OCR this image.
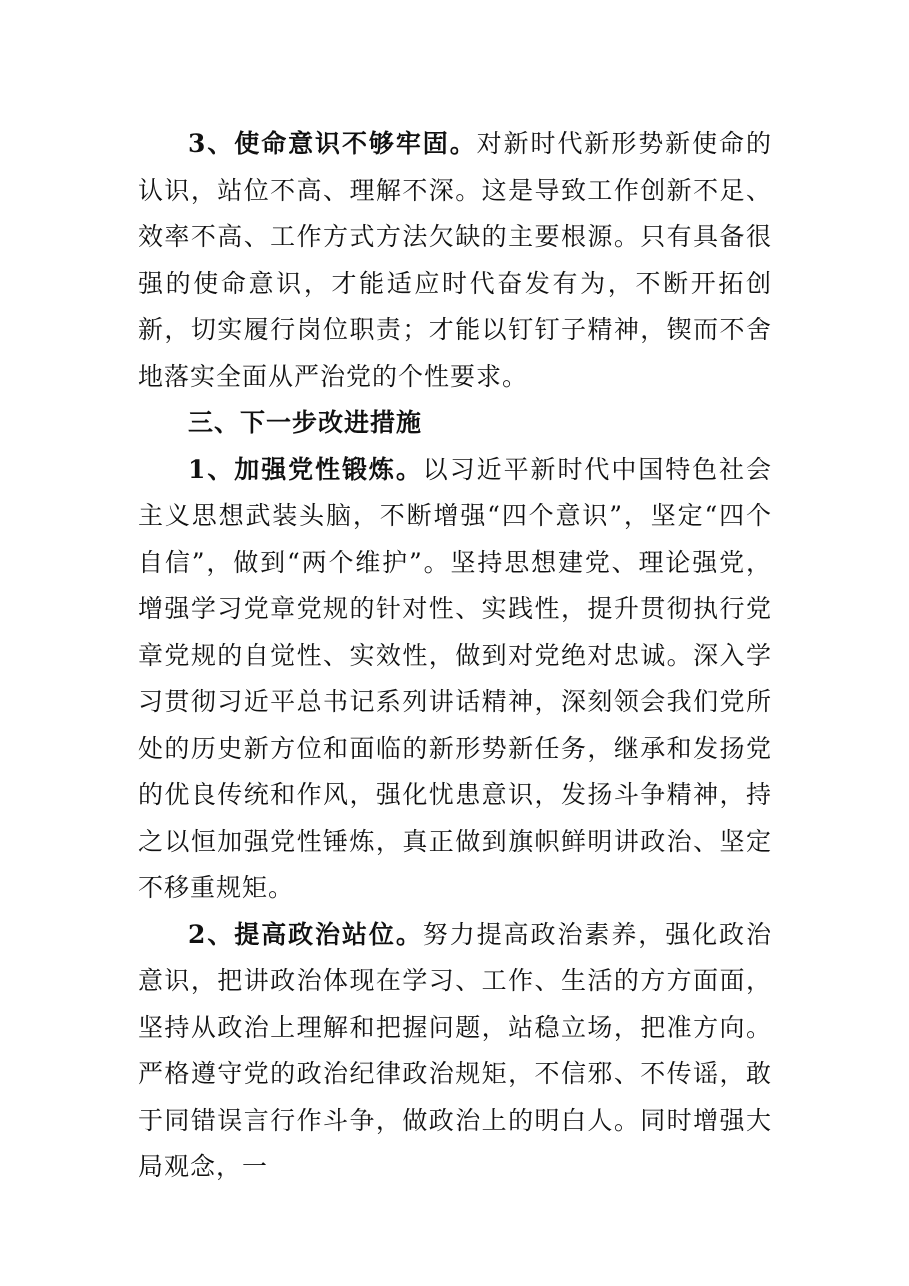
3、使命意识不够牢固。对新时代新形势新使命的认识，站位不高、理解不深。这是导致工作创新不足、效率不高、工作方式方法欠缺的主要根源。只有具备很强的使命意识，才能适应时代奋发有为，不断开拓创新，切实履行岗位职责；才能以钉钉子精神，锲而不舍地落实全面从严治党的个性要求。

三、下一步改进措施

1、加强党性锻炼。以习近平新时代中国特色社会主义思想武装头脑，不断增强“四个意识”，坚定“四个自信”，做到“两个维护”。坚持思想建党、理论强党，增强学习党章党规的针对性、实践性，提升贯彻执行党章党规的自觉性、实效性，做到对党绝对忠诚。深入学习贯彻习近平总书记系列讲话精神，深刻领会我们党所处的历史新方位和面临的新形势新任务，继承和发扬党的优良传统和作风，强化忧患意识，发扬斗争精神，持之以恒加强党性锤炼，真正做到旗帜鲜明讲政治、坚定不移重规矩。

2、提高政治站位。努力提高政治素养，强化政治意识，把讲政治体现在学习、工作、生活的方方面面，坚持从政治上理解和把握问题，站稳立场，把准方向。严格遵守党的政治纪律政治规矩，不信邪、不传谣，敢于同错误言行作斗争，做政治上的明白人。同时增强大局观念，一
